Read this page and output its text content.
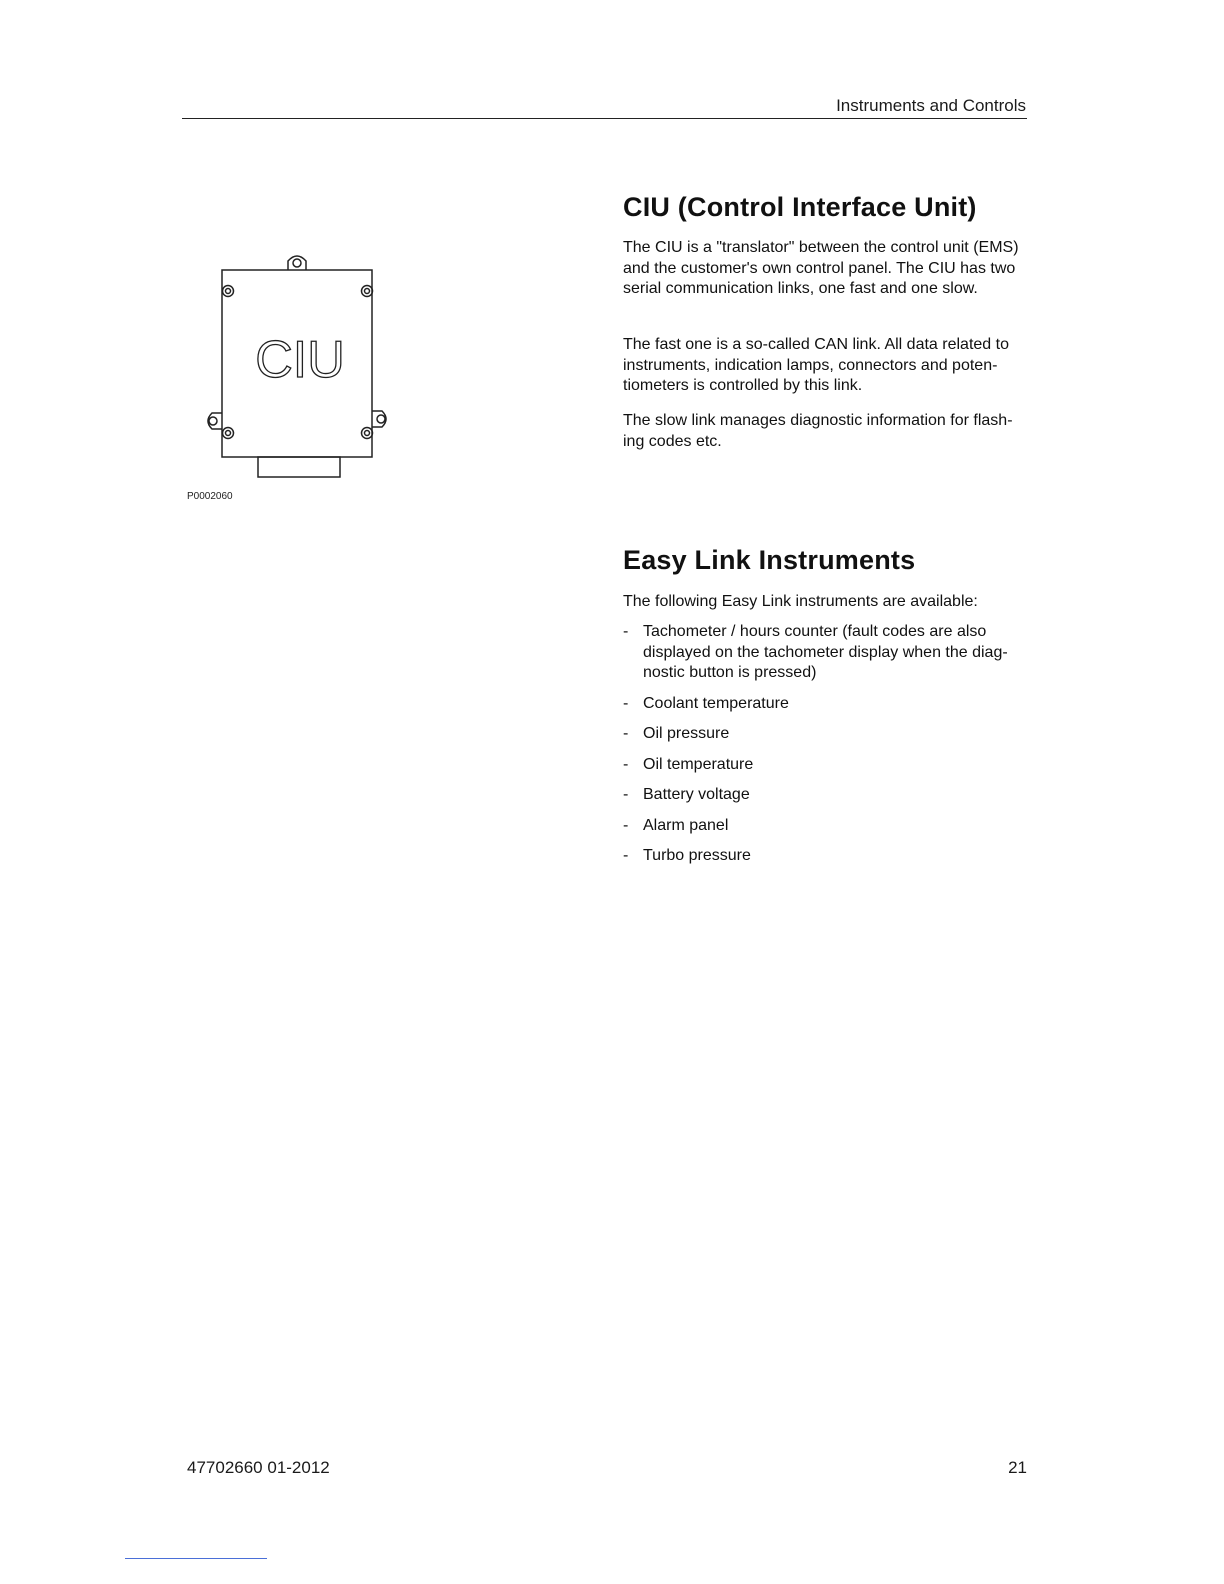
Instruments and Controls
CIU
P0002060
CIU (Control Interface Unit)

The CIU is a "translator" between the control unit (EMS) and the customer's own control panel. The CIU has two serial communication links, one fast and one slow.

The fast one is a so-called CAN link. All data related to instruments, indication lamps, connectors and potentiometers is controlled by this link.

The slow link manages diagnostic information for flashing codes etc.

Easy Link Instruments

The following Easy Link instruments are available:

- Tachometer / hours counter (fault codes are also displayed on the tachometer display when the diagnostic button is pressed)
- Coolant temperature
- Oil pressure
- Oil temperature
- Battery voltage
- Alarm panel
- Turbo pressure
47702660 01-2012	21
